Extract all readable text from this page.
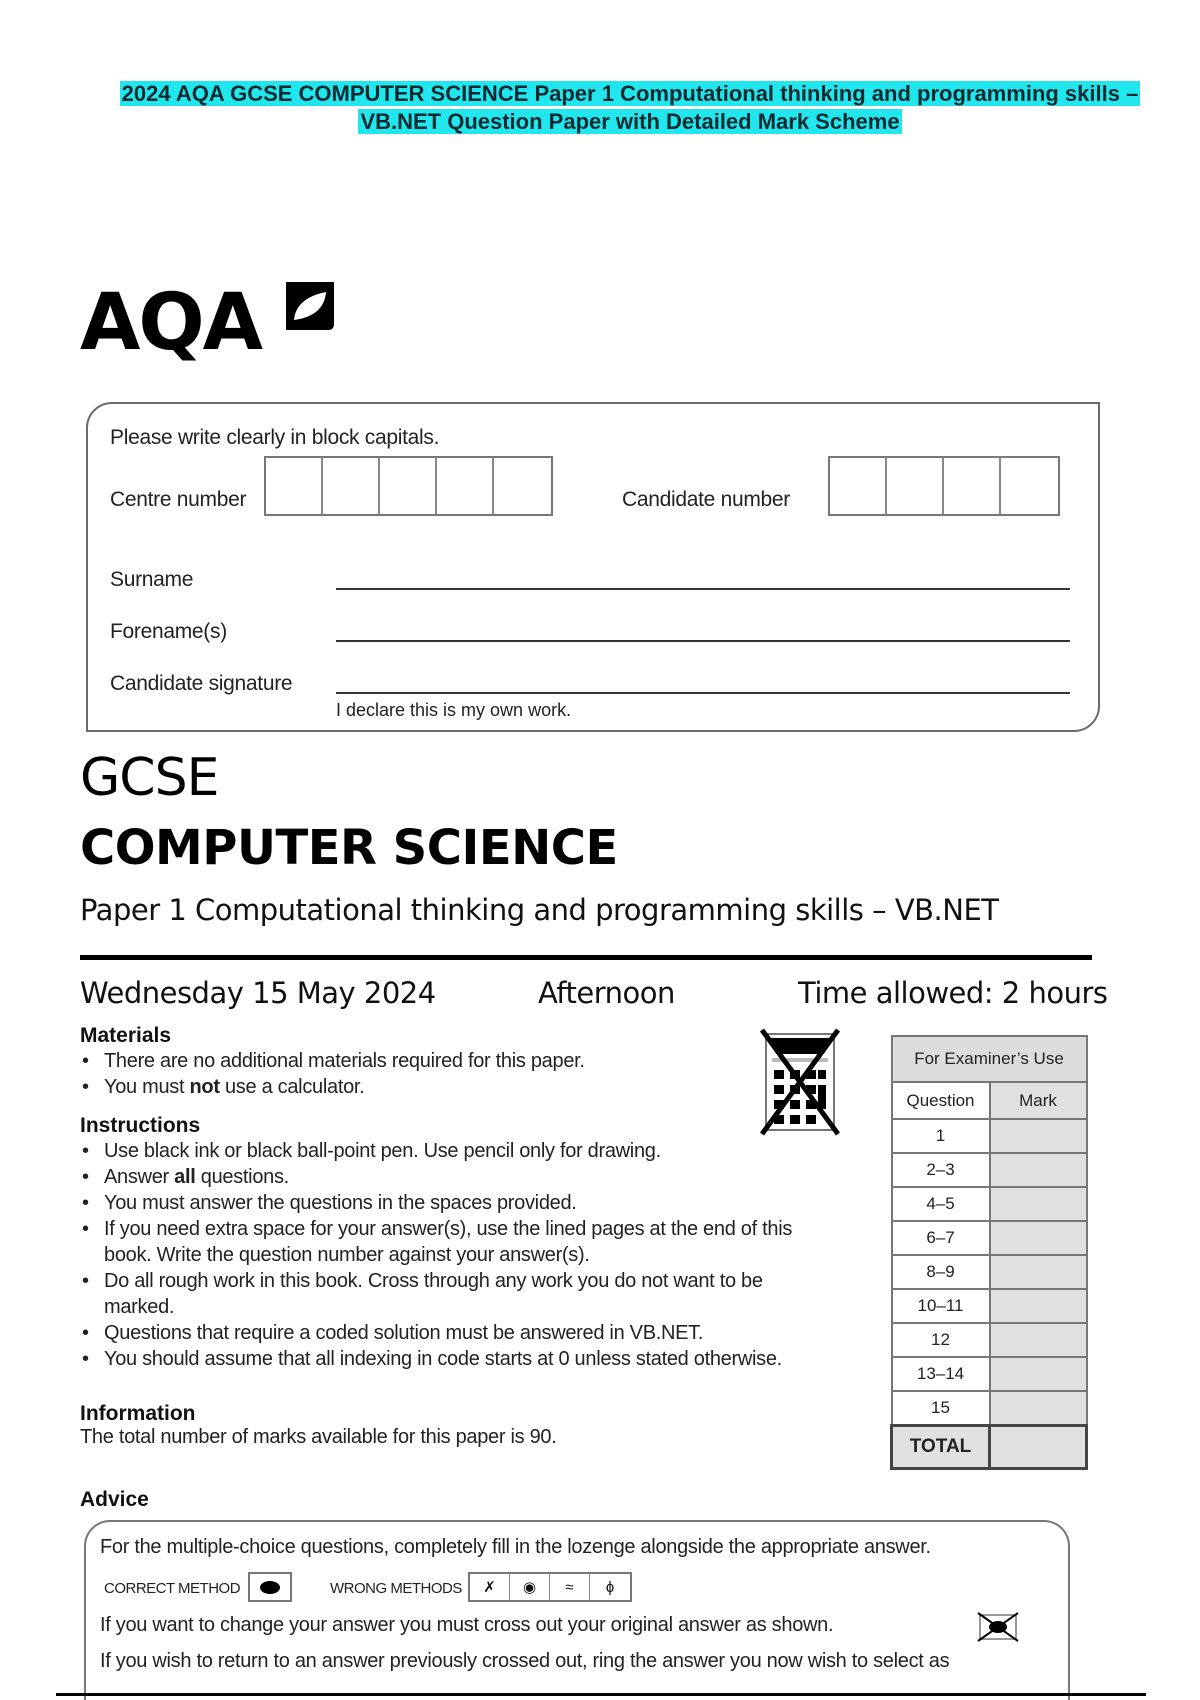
2024 AQA GCSE COMPUTER SCIENCE Paper 1 Computational thinking and programming skills –
VB.NET Question Paper with Detailed Mark Scheme
AQA
Please write clearly in block capitals.
Centre number	Candidate number
Surname
Forename(s)
Candidate signature
I declare this is my own work.
GCSE
COMPUTER SCIENCE
Paper 1 Computational thinking and programming skills – VB.NET
Wednesday 15 May 2024	Afternoon	Time allowed: 2 hours
Materials
• There are no additional materials required for this paper.
• You must not use a calculator.
Instructions
• Use black ink or black ball-point pen. Use pencil only for drawing.
• Answer all questions.
• You must answer the questions in the spaces provided.
• If you need extra space for your answer(s), use the lined pages at the end of this book. Write the question number against your answer(s).
• Do all rough work in this book. Cross through any work you do not want to be marked.
• Questions that require a coded solution must be answered in VB.NET.
• You should assume that all indexing in code starts at 0 unless stated otherwise.
Information
The total number of marks available for this paper is 90.
For Examiner’s Use	
Question	Mark
1	
2–3	
4–5	
6–7	
8–9	
10–11	
12	
13–14	
15	
TOTAL	
Advice
For the multiple-choice questions, completely fill in the lozenge alongside the appropriate answer.
CORRECT METHOD	WRONG METHODS	✗	◉	≈	ɸ
If you want to change your answer you must cross out your original answer as shown.
If you wish to return to an answer previously crossed out, ring the answer you now wish to select as
